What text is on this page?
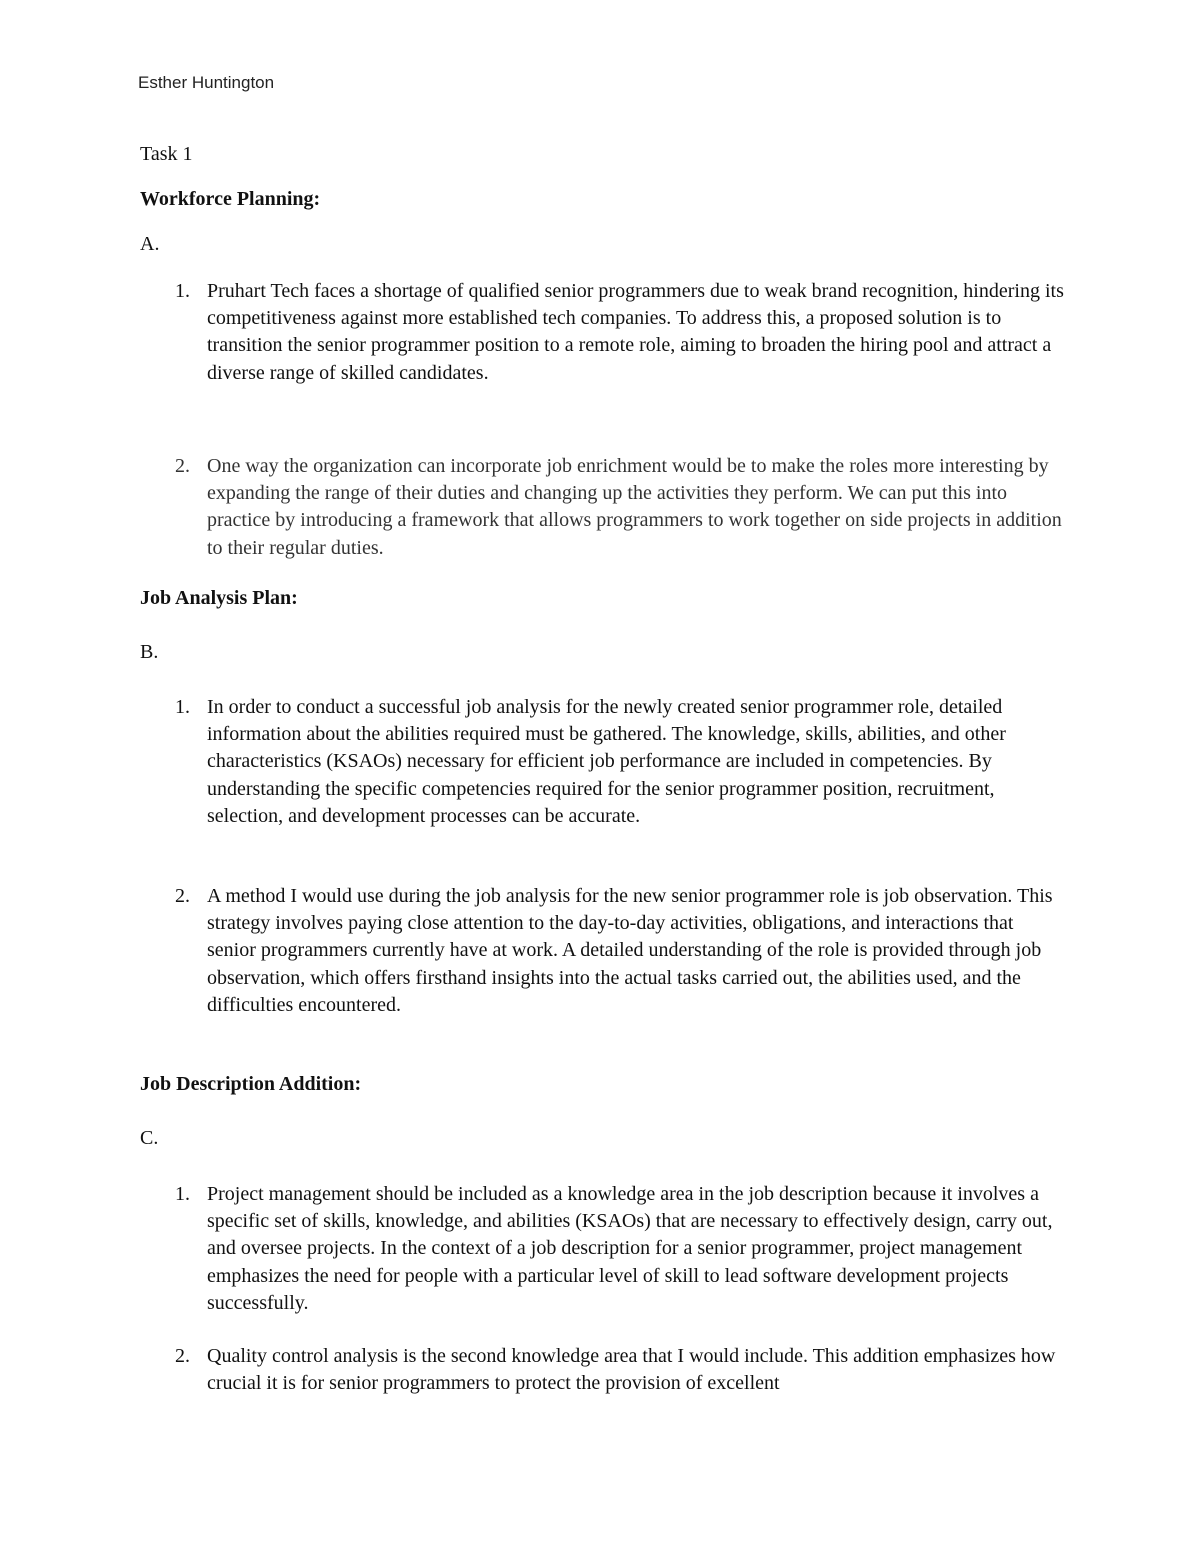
Esther Huntington

Task 1

Workforce Planning:

A.

1. Pruhart Tech faces a shortage of qualified senior programmers due to weak brand recognition, hindering its competitiveness against more established tech companies. To address this, a proposed solution is to transition the senior programmer position to a remote role, aiming to broaden the hiring pool and attract a diverse range of skilled candidates.
2. One way the organization can incorporate job enrichment would be to make the roles more interesting by expanding the range of their duties and changing up the activities they perform. We can put this into practice by introducing a framework that allows programmers to work together on side projects in addition to their regular duties.

Job Analysis Plan:

B.

1. In order to conduct a successful job analysis for the newly created senior programmer role, detailed information about the abilities required must be gathered. The knowledge, skills, abilities, and other characteristics (KSAOs) necessary for efficient job performance are included in competencies. By understanding the specific competencies required for the senior programmer position, recruitment, selection, and development processes can be accurate.
2. A method I would use during the job analysis for the new senior programmer role is job observation. This strategy involves paying close attention to the day-to-day activities, obligations, and interactions that senior programmers currently have at work. A detailed understanding of the role is provided through job observation, which offers firsthand insights into the actual tasks carried out, the abilities used, and the difficulties encountered.

Job Description Addition:

C.

1. Project management should be included as a knowledge area in the job description because it involves a specific set of skills, knowledge, and abilities (KSAOs) that are necessary to effectively design, carry out, and oversee projects. In the context of a job description for a senior programmer, project management emphasizes the need for people with a particular level of skill to lead software development projects successfully.
2. Quality control analysis is the second knowledge area that I would include. This addition emphasizes how crucial it is for senior programmers to protect the provision of excellent
